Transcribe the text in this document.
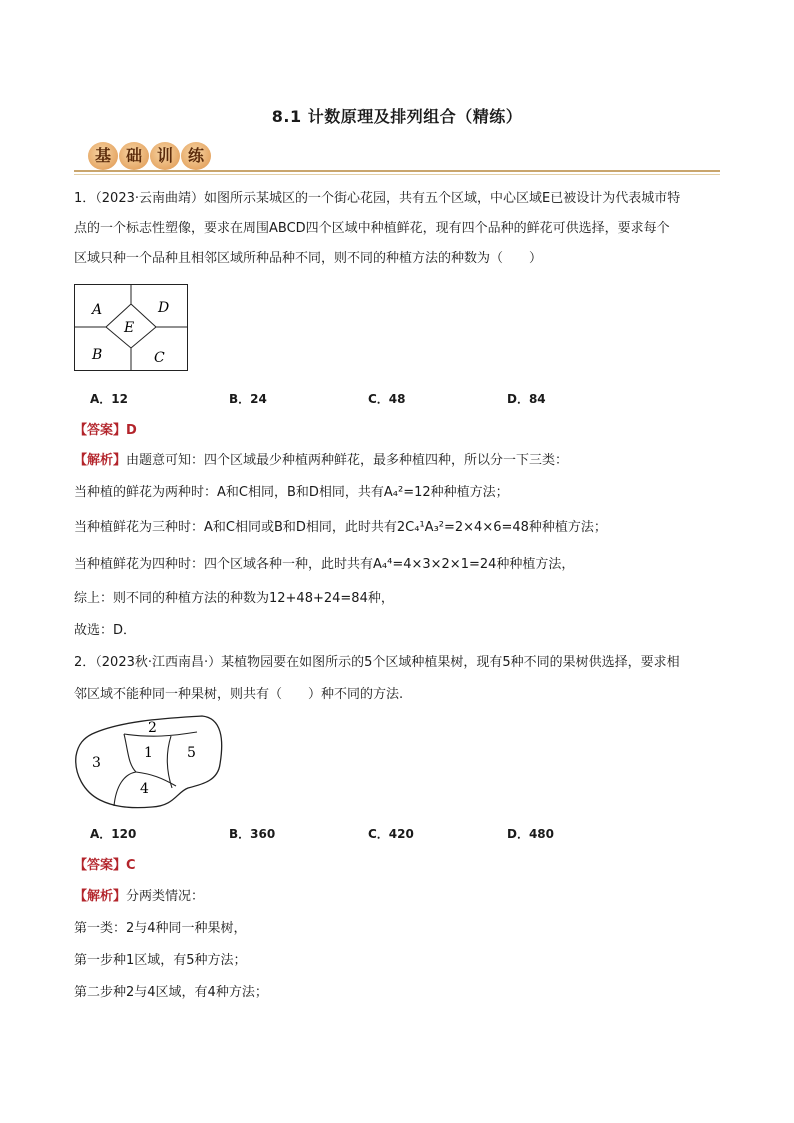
8.1 计数原理及排列组合（精练）
基 础 训 练
1．（2023·云南曲靖）如图所示某城区的一个街心花园，共有五个区域，中心区域E已被设计为代表城市特
点的一个标志性塑像，要求在周围ABCD四个区域中种植鲜花，现有四个品种的鲜花可供选择，要求每个
区域只种一个品种且相邻区域所种品种不同，则不同的种植方法的种数为（　　）
A	D
E
B	C
A．12	B．24	C．48	D．84
【答案】D
【解析】由题意可知：四个区域最少种植两种鲜花，最多种植四种，所以分一下三类：
当种植的鲜花为两种时：A和C相同，B和D相同，共有A₄²=12种种植方法；
当种植鲜花为三种时：A和C相同或B和D相同，此时共有2C₄¹A₃²=2×4×6=48种种植方法；
当种植鲜花为四种时：四个区域各种一种，此时共有A₄⁴=4×3×2×1=24种种植方法，
综上：则不同的种植方法的种数为12+48+24=84种，
故选：D．
2．（2023秋·江西南昌·）某植物园要在如图所示的5个区域种植果树，现有5种不同的果树供选择，要求相
邻区域不能种同一种果树，则共有（　　）种不同的方法.
2
1 5
3
4
A．120	B．360	C．420	D．480
【答案】C
【解析】分两类情况：
第一类：2与4种同一种果树，
第一步种1区域，有5种方法；
第二步种2与4区域，有4种方法；
